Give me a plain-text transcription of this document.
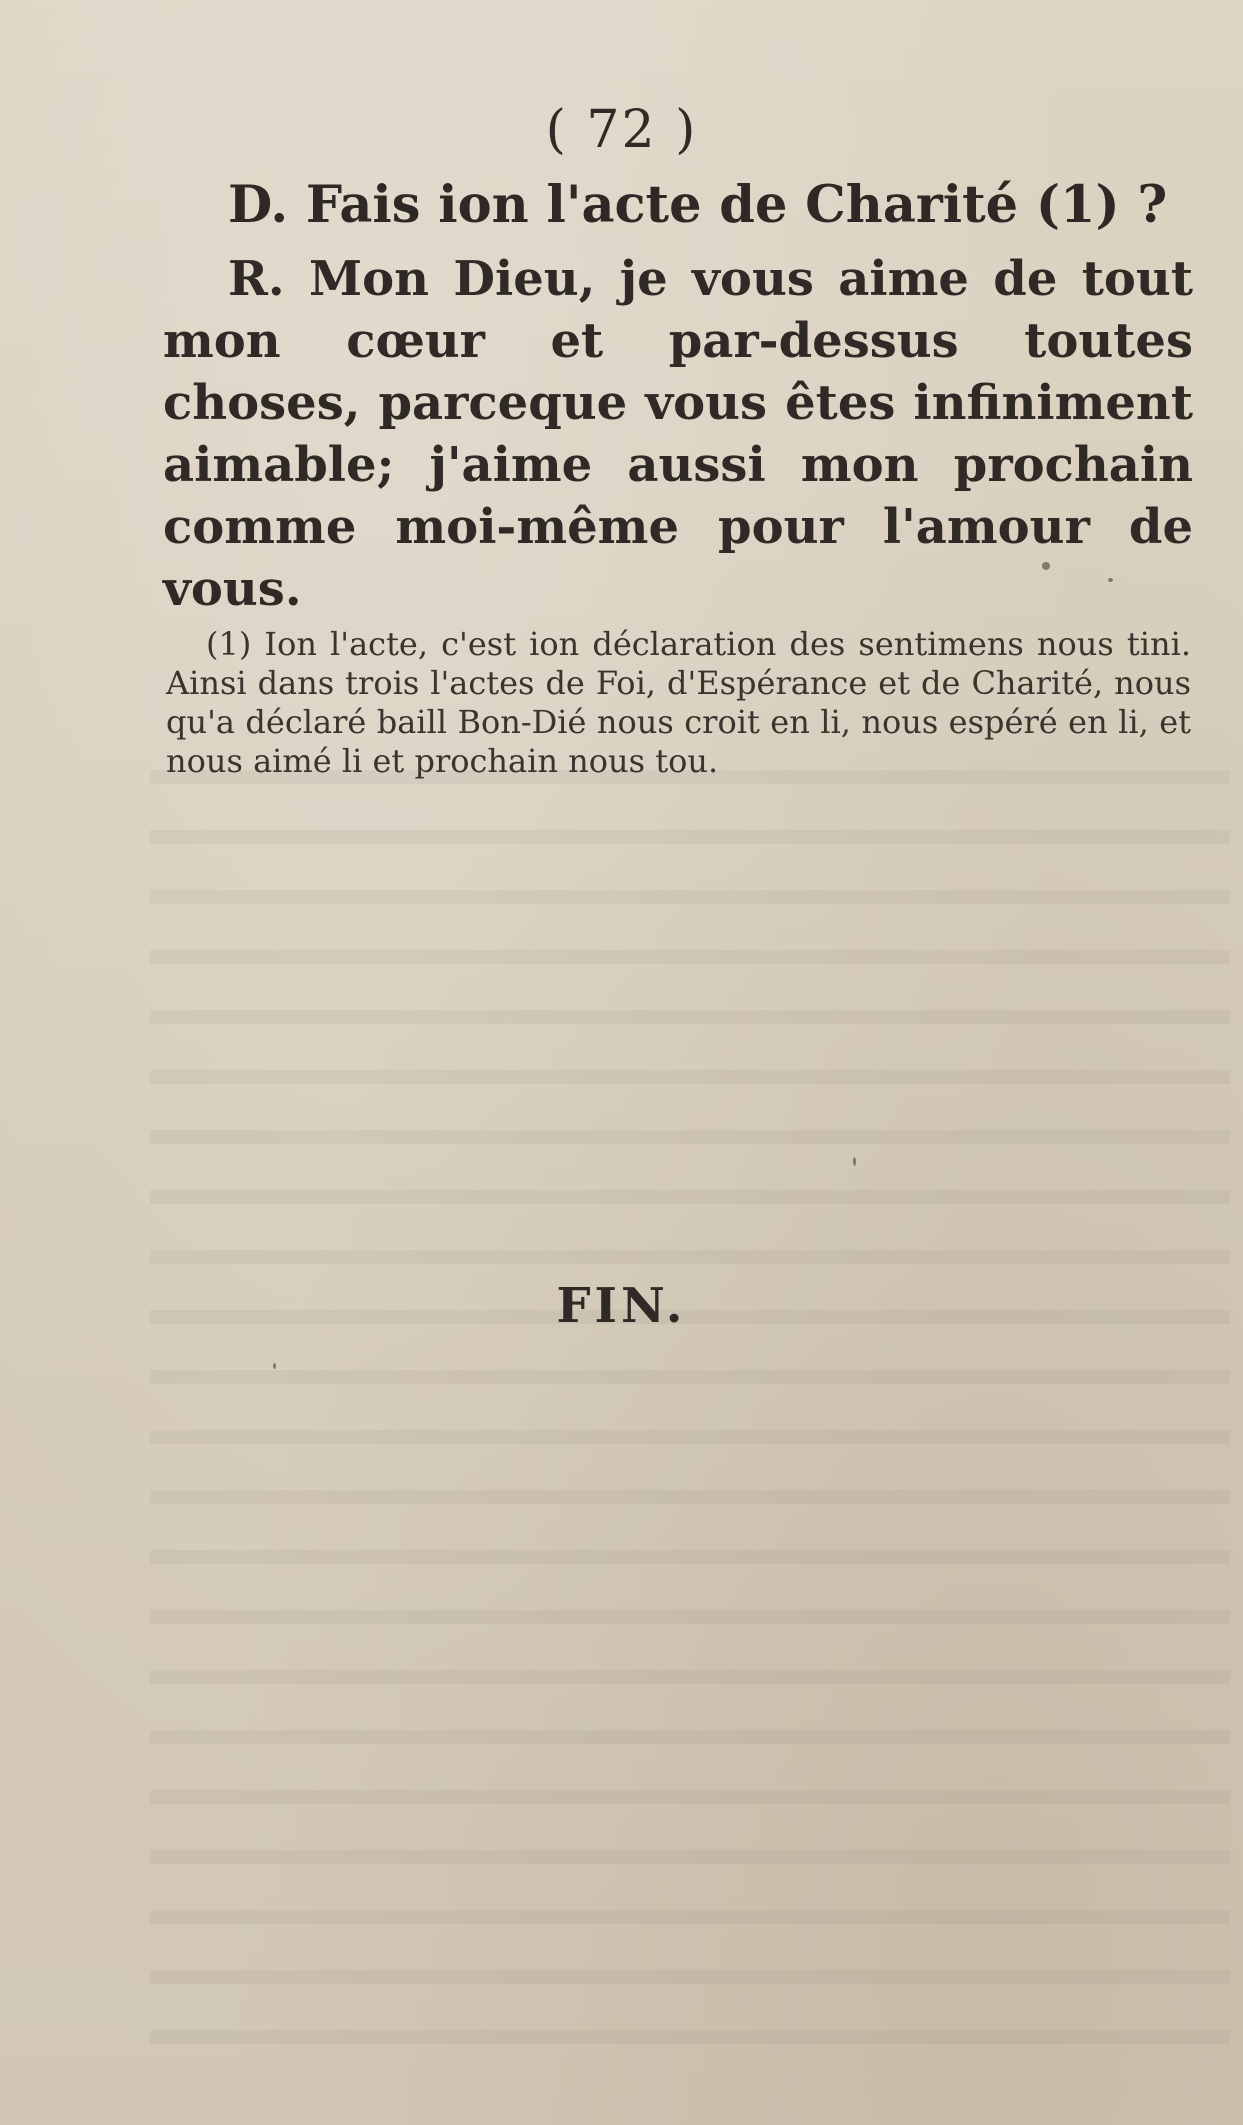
( 72 )
D. Fais ion l'acte de Charité (1) ?
R. Mon Dieu, je vous aime de tout mon cœur et par-dessus toutes choses, parceque vous êtes infiniment aimable; j'aime aussi mon prochain comme moi-même pour l'amour de vous.
(1) Ion l'acte, c'est ion déclaration des sentimens nous tini. Ainsi dans trois l'actes de Foi, d'Espérance et de Charité, nous qu'a déclaré baill Bon-Dié nous croit en li, nous espéré en li, et nous aimé li et prochain nous tou.
FIN.
